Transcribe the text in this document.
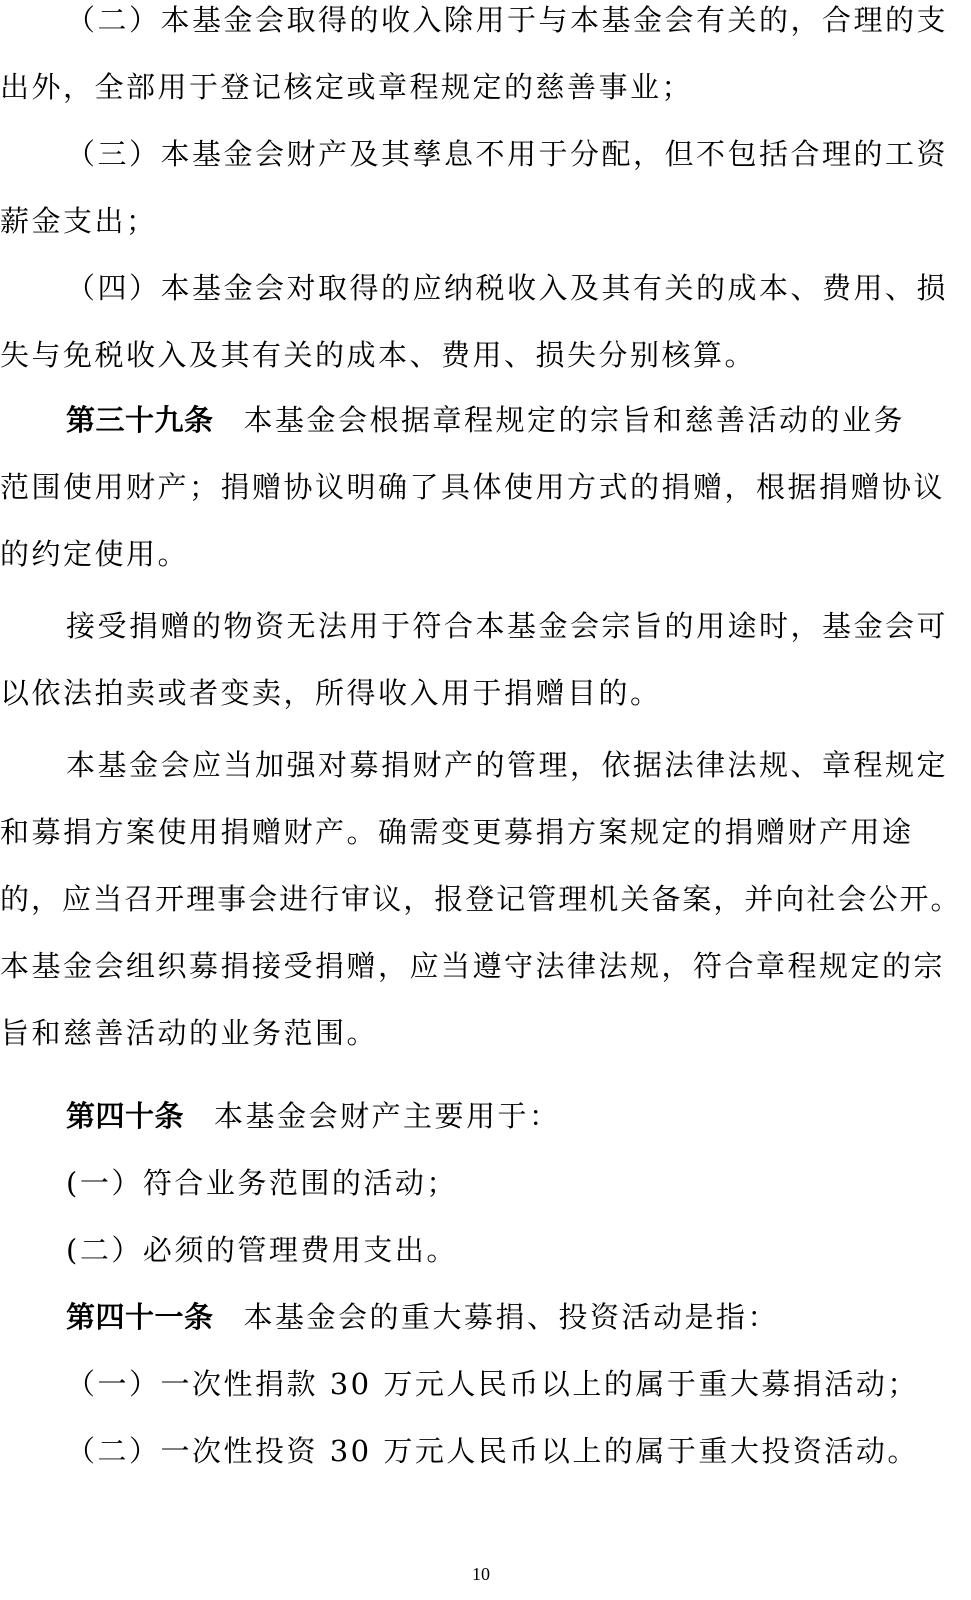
（二）本基金会取得的收入除用于与本基金会有关的，合理的支
出外，全部用于登记核定或章程规定的慈善事业；
（三）本基金会财产及其孳息不用于分配，但不包括合理的工资
薪金支出；
（四）本基金会对取得的应纳税收入及其有关的成本、费用、损
失与免税收入及其有关的成本、费用、损失分别核算。
第三十九条 本基金会根据章程规定的宗旨和慈善活动的业务
范围使用财产；捐赠协议明确了具体使用方式的捐赠，根据捐赠协议
的约定使用。
接受捐赠的物资无法用于符合本基金会宗旨的用途时，基金会可
以依法拍卖或者变卖，所得收入用于捐赠目的。
本基金会应当加强对募捐财产的管理，依据法律法规、章程规定
和募捐方案使用捐赠财产。确需变更募捐方案规定的捐赠财产用途
的，应当召开理事会进行审议，报登记管理机关备案，并向社会公开。
本基金会组织募捐接受捐赠，应当遵守法律法规，符合章程规定的宗
旨和慈善活动的业务范围。
第四十条 本基金会财产主要用于：
(一）符合业务范围的活动；
(二）必须的管理费用支出。
第四十一条 本基金会的重大募捐、投资活动是指：
（一）一次性捐款 30 万元人民币以上的属于重大募捐活动；
（二）一次性投资 30 万元人民币以上的属于重大投资活动。
10
